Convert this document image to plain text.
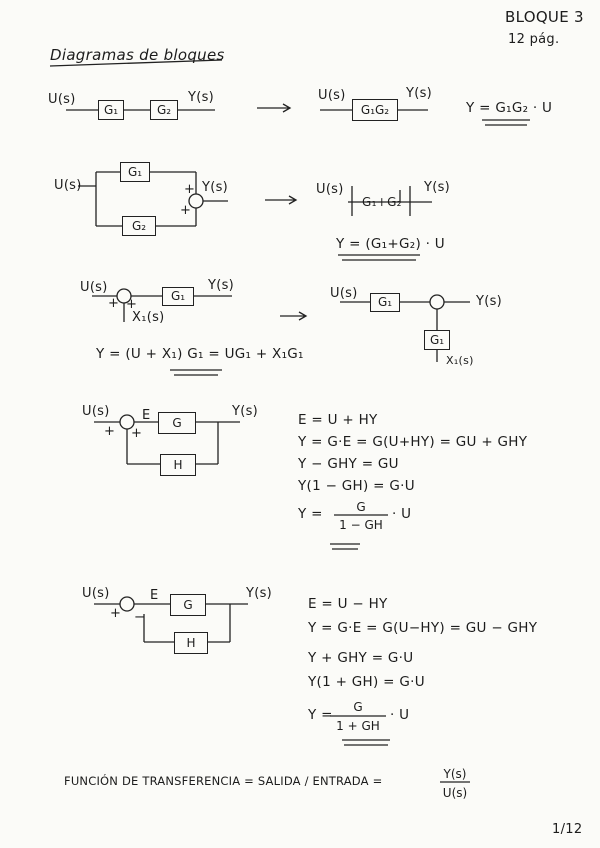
BLOQUE 3
12 pág.
Diagramas de bloques
U(s)
G₁	G₂
Y(s)	U(s)
G₁G₂
Y(s)
Y = G₁G₂ · U
U(s)
G₁
G₂
+
+
Y(s)	U(s)
G₁+G₂
Y(s)
Y = (G₁+G₂) · U
U(s)
+ +
G₁
Y(s)
X₁(s)
Y = (U + X₁) G₁ = UG₁ + X₁G₁
U(s)
G₁	Y(s)
G₁
X₁(s)
U(s)
+ +
E	G
H
Y(s)
E = U + HY
Y = G·E = G(U+HY) = GU + GHY
Y − GHY = GU
Y(1 − GH) = G·U
Y =	G
1 − GH
· U
U(s)
+ −
E
G
H
Y(s)
E = U − HY
Y = G·E = G(U−HY) = GU − GHY
Y + GHY = G·U
Y(1 + GH) = G·U
Y =	G
1 + GH
· U
FUNCIÓN DE TRANSFERENCIA = SALIDA / ENTRADA =	Y(s)
U(s)
1/12
